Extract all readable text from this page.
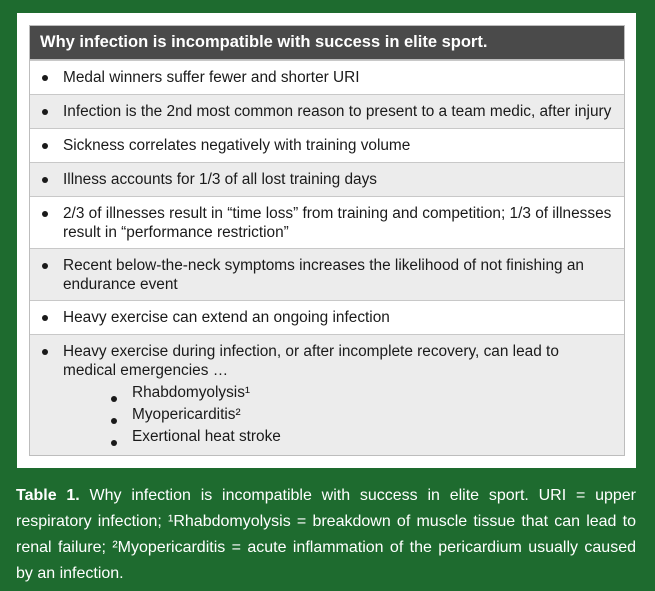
Why infection is incompatible with success in elite sport.
Medal winners suffer fewer and shorter URI
Infection is the 2nd most common reason to present to a team medic, after injury
Sickness correlates negatively with training volume
Illness accounts for 1/3 of all lost training days
2/3 of illnesses result in “time loss” from training and competition; 1/3 of illnesses result in “performance restriction”
Recent below-the-neck symptoms increases the likelihood of not finishing an endurance event
Heavy exercise can extend an ongoing infection
Heavy exercise during infection, or after incomplete recovery, can lead to medical emergencies …
Rhabdomyolysis¹
Myopericarditis²
Exertional heat stroke
Table 1. Why infection is incompatible with success in elite sport. URI = upper respiratory infection; ¹Rhabdomyolysis = breakdown of muscle tissue that can lead to renal failure; ²Myopericarditis = acute inflammation of the pericardium usually caused by an infection.
